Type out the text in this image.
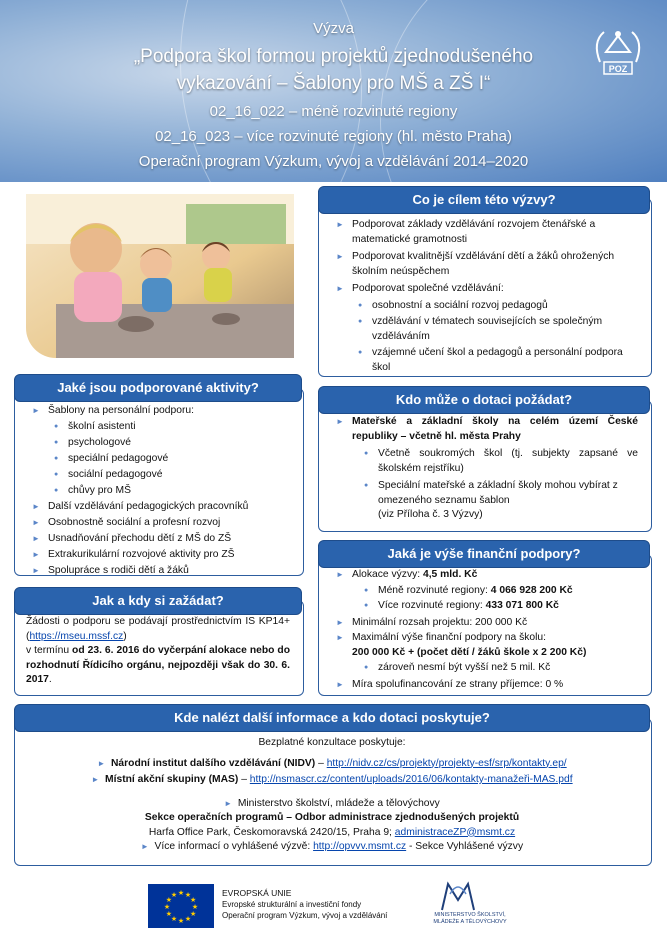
Výzva
„Podpora škol formou projektů zjednodušeného
vykazování – Šablony pro MŠ a ZŠ I“
02_16_022 – méně rozvinuté regiony
02_16_023 – více rozvinuté regiony (hl. město Praha)
Operační program Výzkum, vývoj a vzdělávání 2014–2020
POZ
Co je cílem této výzvy?
► Podporovat základy vzdělávání rozvojem čtenářské a matematické gramotnosti
► Podporovat kvalitnější vzdělávání dětí a žáků ohrožených školním neúspěchem
► Podporovat společné vzdělávání:
● osobnostní a sociální rozvoj pedagogů
● vzdělávání v tématech souvisejících se společným vzděláváním
● vzájemné učení škol a pedagogů a personální podpora škol
Jaké jsou podporované aktivity?
► Šablony na personální podporu:
● školní asistenti
● psychologové
● speciální pedagogové
● sociální pedagogové
● chůvy pro MŠ
► Další vzdělávání pedagogických pracovníků
► Osobnostně sociální a profesní rozvoj
► Usnadňování přechodu dětí z MŠ do ZŠ
► Extrakurikulární rozvojové aktivity pro ZŠ
► Spolupráce s rodiči dětí a žáků
Kdo může o dotaci požádat?
► Mateřské a základní školy na celém území České republiky – včetně hl. města Prahy
● Včetně soukromých škol (tj. subjekty zapsané ve školském rejstříku)
● Speciální mateřské a základní školy mohou vybírat z omezeného seznamu šablon
(viz Příloha č. 3 Výzvy)
Jak a kdy si zažádat?
Žádosti o podporu se podávají prostřednictvím IS KP14+ (https://mseu.mssf.cz)
v termínu od 23. 6. 2016 do vyčerpání alokace nebo do rozhodnutí Řídicího orgánu, nejpozději však do 30. 6. 2017.
Jaká je výše finanční podpory?
► Alokace výzvy: 4,5 mld. Kč
● Méně rozvinuté regiony: 4 066 928 200 Kč
● Více rozvinuté regiony: 433 071 800 Kč
► Minimální rozsah projektu: 200 000 Kč
► Maximální výše finanční podpory na školu:
200 000 Kč + (počet dětí / žáků škole x 2 200 Kč)
● zároveň nesmí být vyšší než 5 mil. Kč
► Míra spolufinancování ze strany příjemce: 0 %
Kde nalézt další informace a kdo dotaci poskytuje?
Bezplatné konzultace poskytuje:
► Národní institut dalšího vzdělávání (NIDV) – http://nidv.cz/cs/projekty/projekty-esf/srp/kontakty.ep/
► Místní akční skupiny (MAS) – http://nsmascr.cz/content/uploads/2016/06/kontakty-manažeři-MAS.pdf
► Ministerstvo školství, mládeže a tělovýchovy
Sekce operačních programů – Odbor administrace zjednodušených projektů
Harfa Office Park, Českomoravská 2420/15, Praha 9; administraceZP@msmt.cz
► Více informací o vyhlášené výzvě: http://opvvv.msmt.cz - Sekce Vyhlášené výzvy
★
★
★
★
★
★
★
★
★ ★ ★
★
EVROPSKÁ UNIE
Evropské strukturální a investiční fondy
Operační program Výzkum, vývoj a vzdělávání	MINISTERSTVO ŠKOLSTVÍ,
MLÁDEŽE A TĚLOVÝCHOVY
